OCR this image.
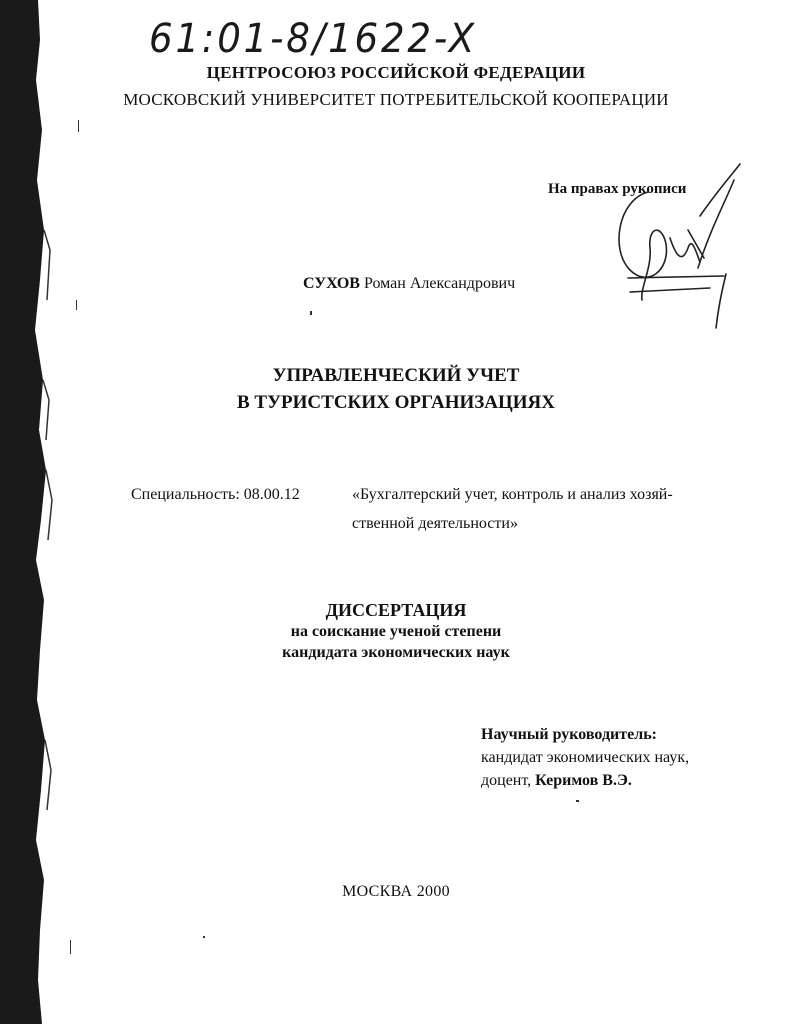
61:01-8/1622-X
ЦЕНТРОСОЮЗ РОССИЙСКОЙ ФЕДЕРАЦИИ
МОСКОВСКИЙ УНИВЕРСИТЕТ ПОТРЕБИТЕЛЬСКОЙ КООПЕРАЦИИ
На правах рукописи
СУХОВ Роман Александрович
УПРАВЛЕНЧЕСКИЙ УЧЕТ
В ТУРИСТСКИХ ОРГАНИЗАЦИЯХ
Специальность: 08.00.12	«Бухгалтерский учет, контроль и анализ хозяй-
ственной деятельности»
ДИССЕРТАЦИЯ
на соискание ученой степени
кандидата экономических наук
Научный руководитель:
кандидат экономических наук,
доцент, Керимов В.Э.
МОСКВА 2000
